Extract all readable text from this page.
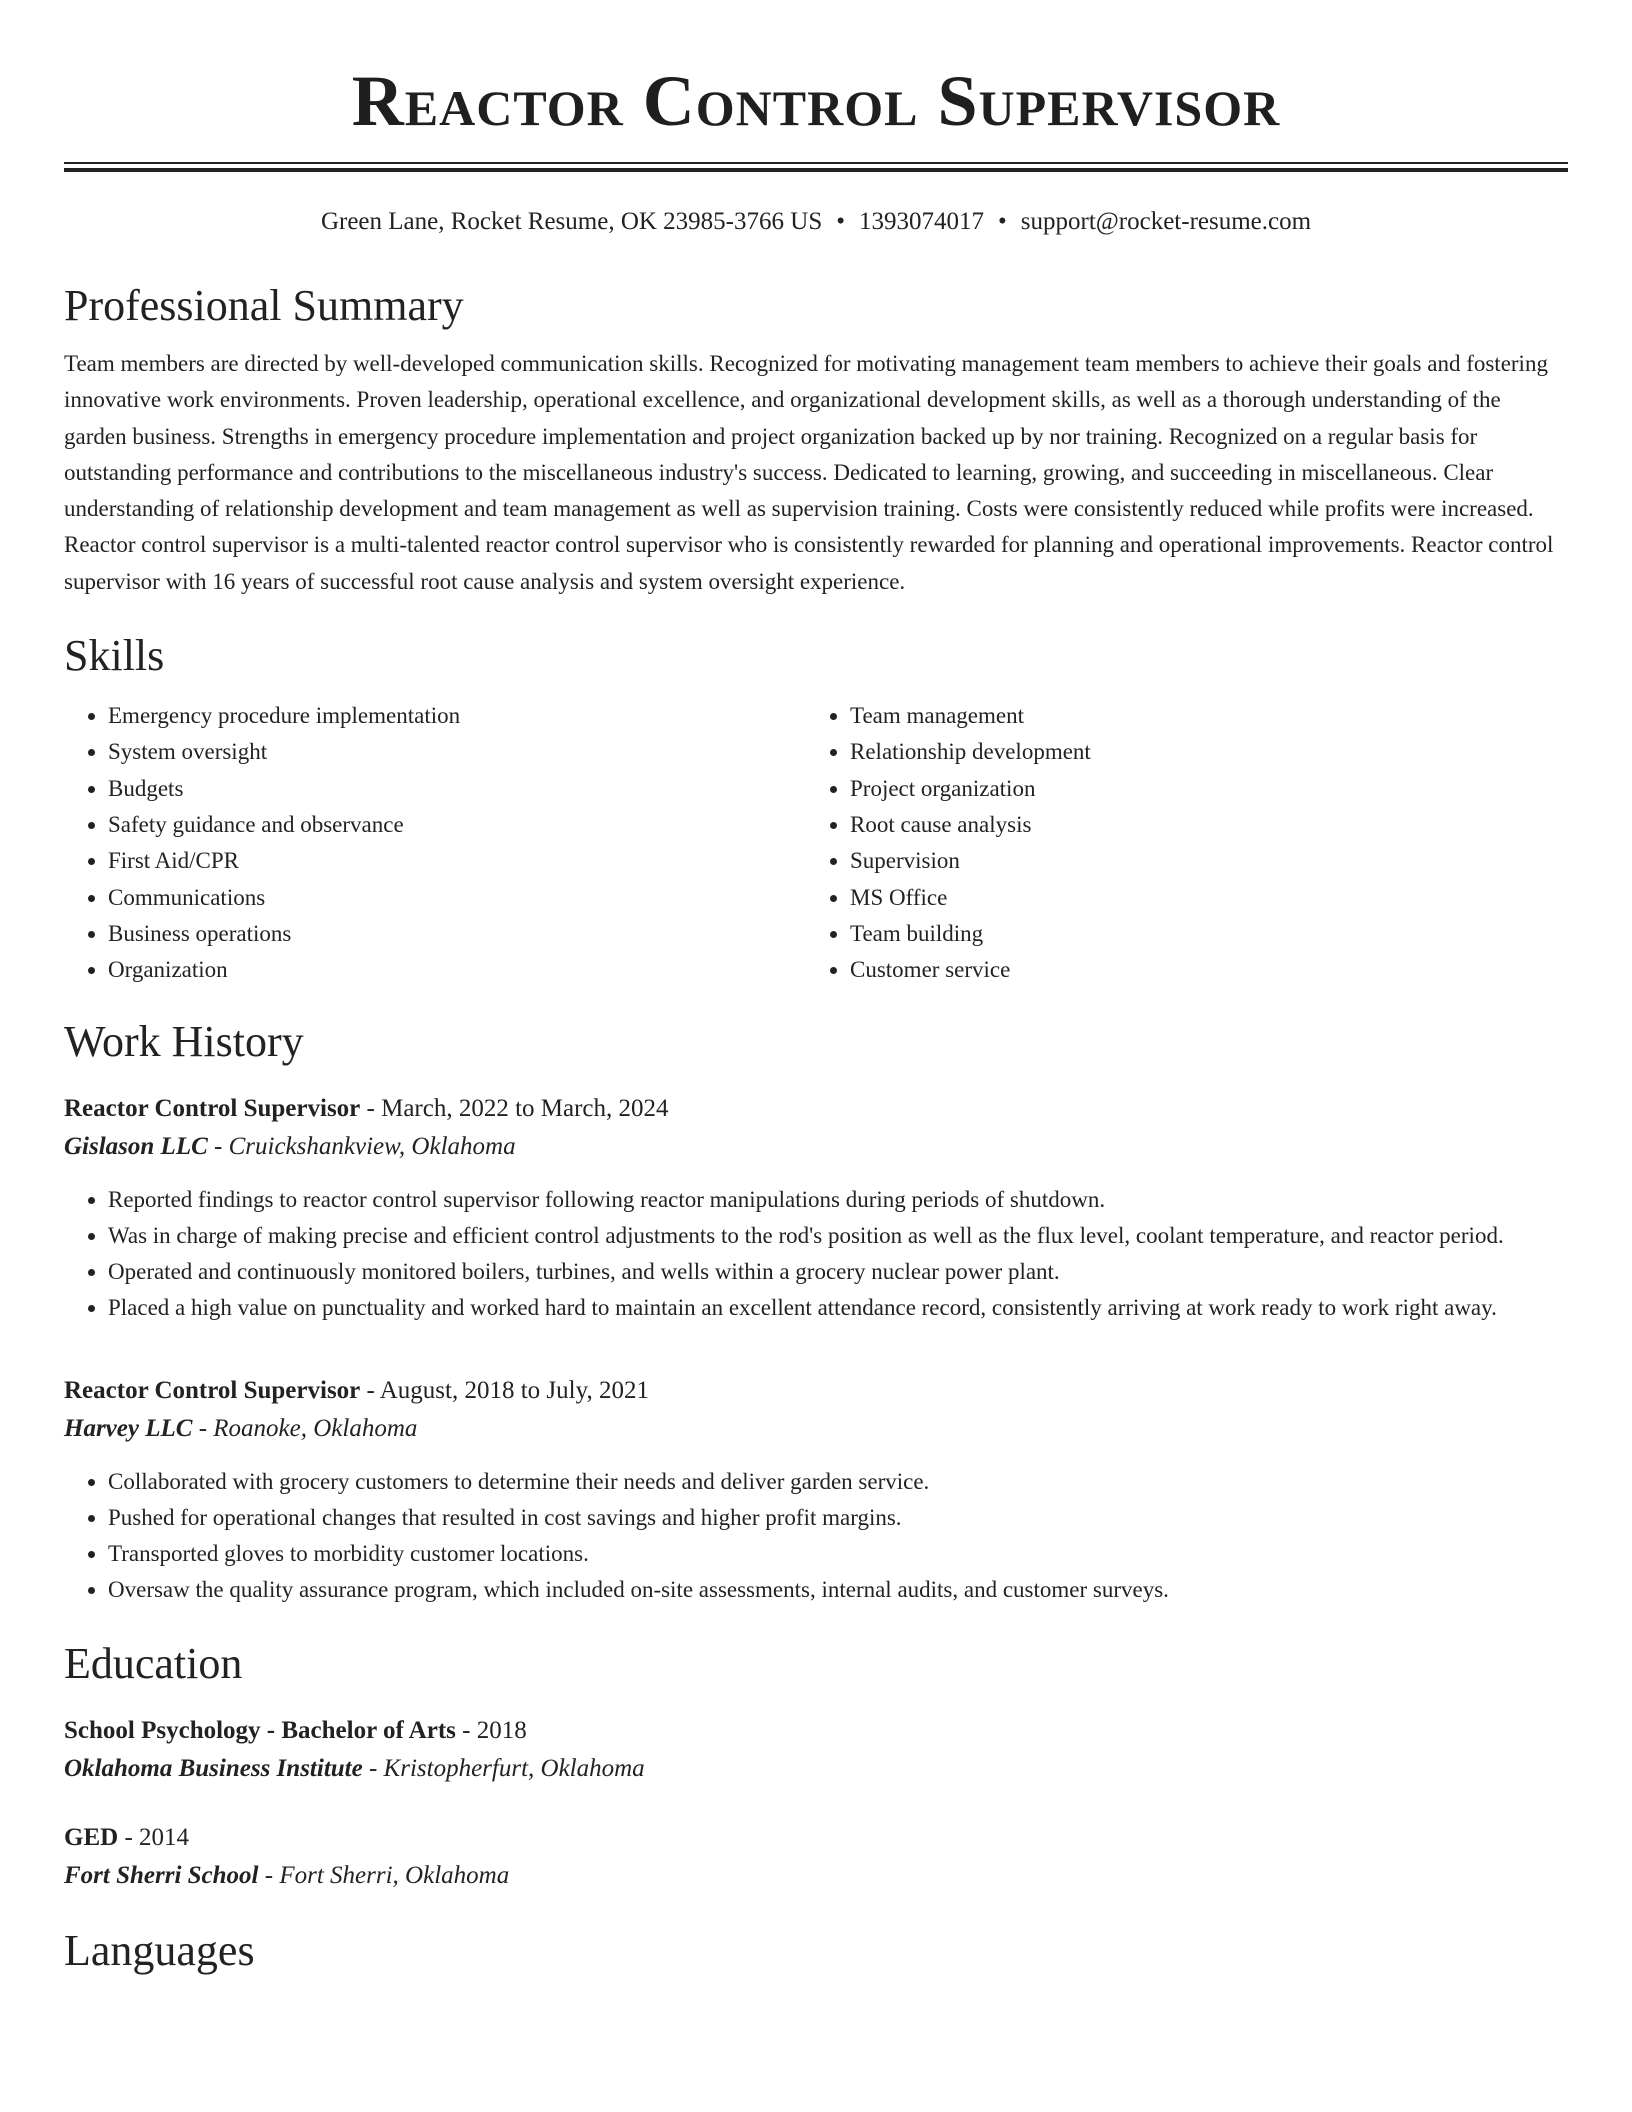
Reactor Control Supervisor
Green Lane, Rocket Resume, OK 23985-3766 US • 1393074017 • support@rocket-resume.com
Professional Summary

Team members are directed by well-developed communication skills. Recognized for motivating management team members to achieve their goals and fostering innovative work environments. Proven leadership, operational excellence, and organizational development skills, as well as a thorough understanding of the garden business. Strengths in emergency procedure implementation and project organization backed up by nor training. Recognized on a regular basis for outstanding performance and contributions to the miscellaneous industry's success. Dedicated to learning, growing, and succeeding in miscellaneous. Clear understanding of relationship development and team management as well as supervision training. Costs were consistently reduced while profits were increased. Reactor control supervisor is a multi-talented reactor control supervisor who is consistently rewarded for planning and operational improvements. Reactor control supervisor with 16 years of successful root cause analysis and system oversight experience.

Skills
• Emergency procedure implementation
• System oversight
• Budgets
• Safety guidance and observance
• First Aid/CPR
• Communications
• Business operations
• Organization
• Team management
• Relationship development
• Project organization
• Root cause analysis
• Supervision
• MS Office
• Team building
• Customer service
Work History
Reactor Control Supervisor - March, 2022 to March, 2024
Gislason LLC - Cruickshankview, Oklahoma
• Reported findings to reactor control supervisor following reactor manipulations during periods of shutdown.
• Was in charge of making precise and efficient control adjustments to the rod's position as well as the flux level, coolant temperature, and reactor period.
• Operated and continuously monitored boilers, turbines, and wells within a grocery nuclear power plant.
• Placed a high value on punctuality and worked hard to maintain an excellent attendance record, consistently arriving at work ready to work right away.
Reactor Control Supervisor - August, 2018 to July, 2021
Harvey LLC - Roanoke, Oklahoma
• Collaborated with grocery customers to determine their needs and deliver garden service.
• Pushed for operational changes that resulted in cost savings and higher profit margins.
• Transported gloves to morbidity customer locations.
• Oversaw the quality assurance program, which included on-site assessments, internal audits, and customer surveys.
Education
School Psychology - Bachelor of Arts - 2018
Oklahoma Business Institute - Kristopherfurt, Oklahoma
GED - 2014
Fort Sherri School - Fort Sherri, Oklahoma
Languages
